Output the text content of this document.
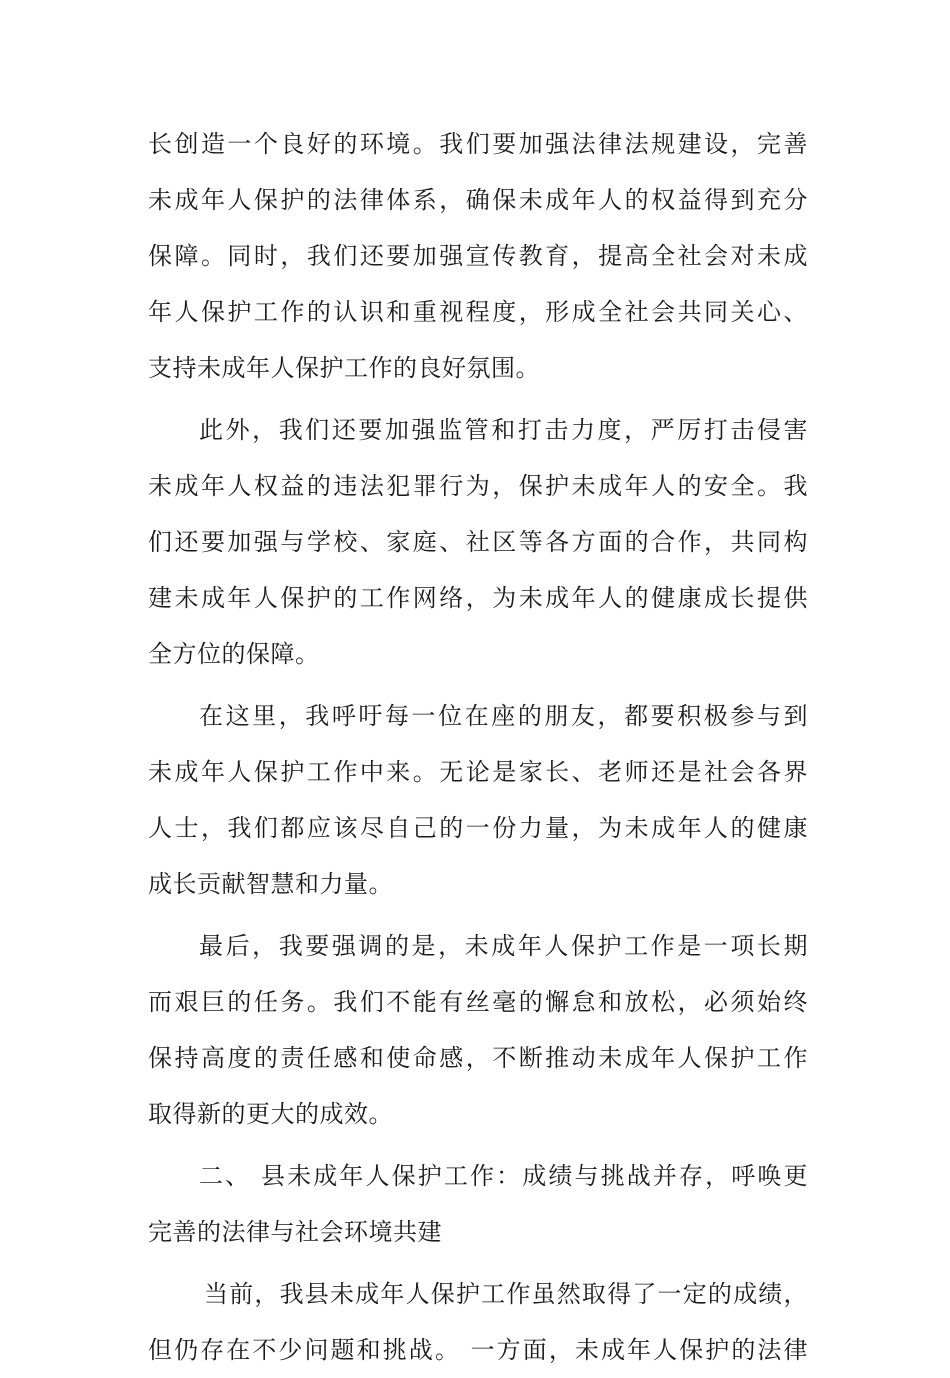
长创造一个良好的环境。我们要加强法律法规建设，完善
未成年人保护的法律体系，确保未成年人的权益得到充分
保障。同时，我们还要加强宣传教育，提高全社会对未成
年人保护工作的认识和重视程度，形成全社会共同关心、
支持未成年人保护工作的良好氛围。
此外，我们还要加强监管和打击力度，严厉打击侵害
未成年人权益的违法犯罪行为，保护未成年人的安全。我
们还要加强与学校、家庭、社区等各方面的合作，共同构
建未成年人保护的工作网络，为未成年人的健康成长提供
全方位的保障。
在这里，我呼吁每一位在座的朋友，都要积极参与到
未成年人保护工作中来。无论是家长、老师还是社会各界
人士，我们都应该尽自己的一份力量，为未成年人的健康
成长贡献智慧和力量。
最后，我要强调的是，未成年人保护工作是一项长期
而艰巨的任务。我们不能有丝毫的懈怠和放松，必须始终
保持高度的责任感和使命感，不断推动未成年人保护工作
取得新的更大的成效。
二、 县未成年人保护工作：成绩与挑战并存，呼唤更
完善的法律与社会环境共建
当前，我县未成年人保护工作虽然取得了一定的成绩，
但仍存在不少问题和挑战。 一方面，未成年人保护的法律
